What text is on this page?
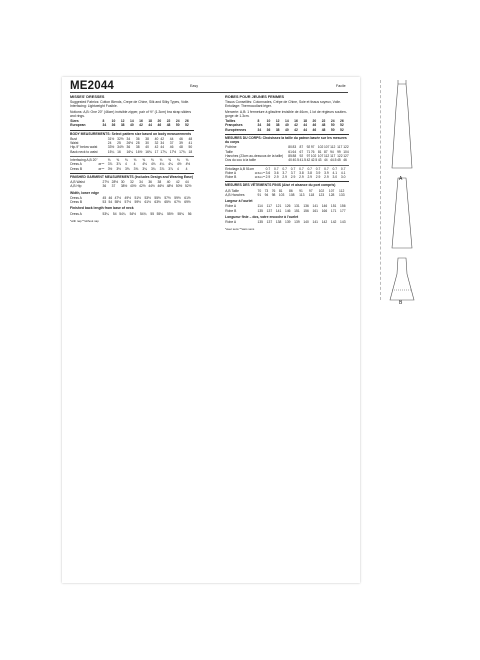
ME2044	Easy	Facile
MISSES' DRESSES
Suggested Fabrics: Cotton Blends, Crepe de Chine, Silk and Silky Types, Voile. Interfacing: Lightweight Fusible.
Notions: A,B: One 20" (46cm) invisible zipper, pair of ½" (1.3cm) bra strap sliders and rings.
Sizes		8	10	12	14	16	18	20	22	24	26
European		34	36	38	40	42	44	46	48	50	52
BODY MEASUREMENTS: Select pattern size based on body measurements
Bust		31½	32½	34	36	38	40	42	44	46	48
Waist		24	25	26½	28	30	32	34	37	39	41
Hip-9" below waist		33½	34½	36	38	40	42	44	46	48	50
Back neck to waist		15¼	16	16¼	16½	16¾	17	17¼	17½	17¾	18
Interfacing A,B 20"		⅜	⅜	⅜	⅜	⅜	⅜	⅜	⅜	⅜	⅜
Dress A	45"**	3⅞	3⅞	4	4	4⅛	4⅛	4¼	4¼	4½	4½
Dress B	45"**	3½	3½	3⅝	3⅝	3¾	3¾	3⅞	3⅞	4	4
FINISHED GARMENT MEASUREMENTS (Includes Design and Wearing Ease)
A,B Waist		27½	28½	30	32	34	36	38	40	42	44
A,B Hip		36	37	38½	40½	42½	44½	46½	48½	50½	52½
Width, lower edge
Dress A		45	46	47½	49½	51½	53½	55½	57½	59½	61½
Dress B		53	54	55½	57½	59½	61½	63½	65½	67½	69½
Finished back length from base of neck
Dress A		53¼	54	54¼	54½	54¾	55	55¼	55½	55¾	56
*with nap **without nap
ROBES POUR JEUNES FEMMES
Tissus Conseillés: Cotonnades, Crêpe de Chine, Soie et tissus soyeux, Voile. Entoilage: Thermocollant léger.
Mercerie: A,B: 1 fermeture à glissière invisible de 46cm, 1 lot de régleurs soutien-gorge de 1.3cm.
Tailles		8	10	12	14	16	18	20	22	24	26
Françaises		34	36	38	40	42	44	46	48	50	52
Européennes		34	36	38	40	42	44	46	48	50	52
MESURES DU CORPS: Choisissez la taille du patron basée sur les mesures du corps
Poitrine		80	83	87	92	97	102	107	112	117	122
Taille		61	64	67	71	76	81	87	94	99	104
Hanches (23cm au-dessous de la taille)		85	88	92	97	102	107	112	117	122	127
Dos du cou à la taille		40	40.5	41.5	42	42.5	43	44	44.5	45	46
Entoilage A,B 51cm		0.7	0.7	0.7	0.7	0.7	0.7	0.7	0.7	0.7	0.7
Robe A	115cm**	3.6	3.6	3.7	3.7	3.8	3.8	3.9	3.9	4.1	4.1
Robe B	115cm**	2.9	2.9	2.9	2.9	2.9	2.9	2.9	2.9	3.0	3.0
MESURES DES VÊTEMENTS FINIS (Aisé et aisance du port compris)
A,B Taille		70	73	76	81	86	91	97	102	107	112
A,B Hanches		91	94	98	103	108	113	118	123	128	133
Largeur à l'ourlet
Robe A		114	117	121	126	131	136	141	146	151	156
Robe B		135	137	141	146	151	156	161	166	171	177
Longueur finie – dos, votre encoche à l'ourlet
Robe A		135	137	138	139	139	140	141	142	142	143
*avec sens **sans sens
A
B
